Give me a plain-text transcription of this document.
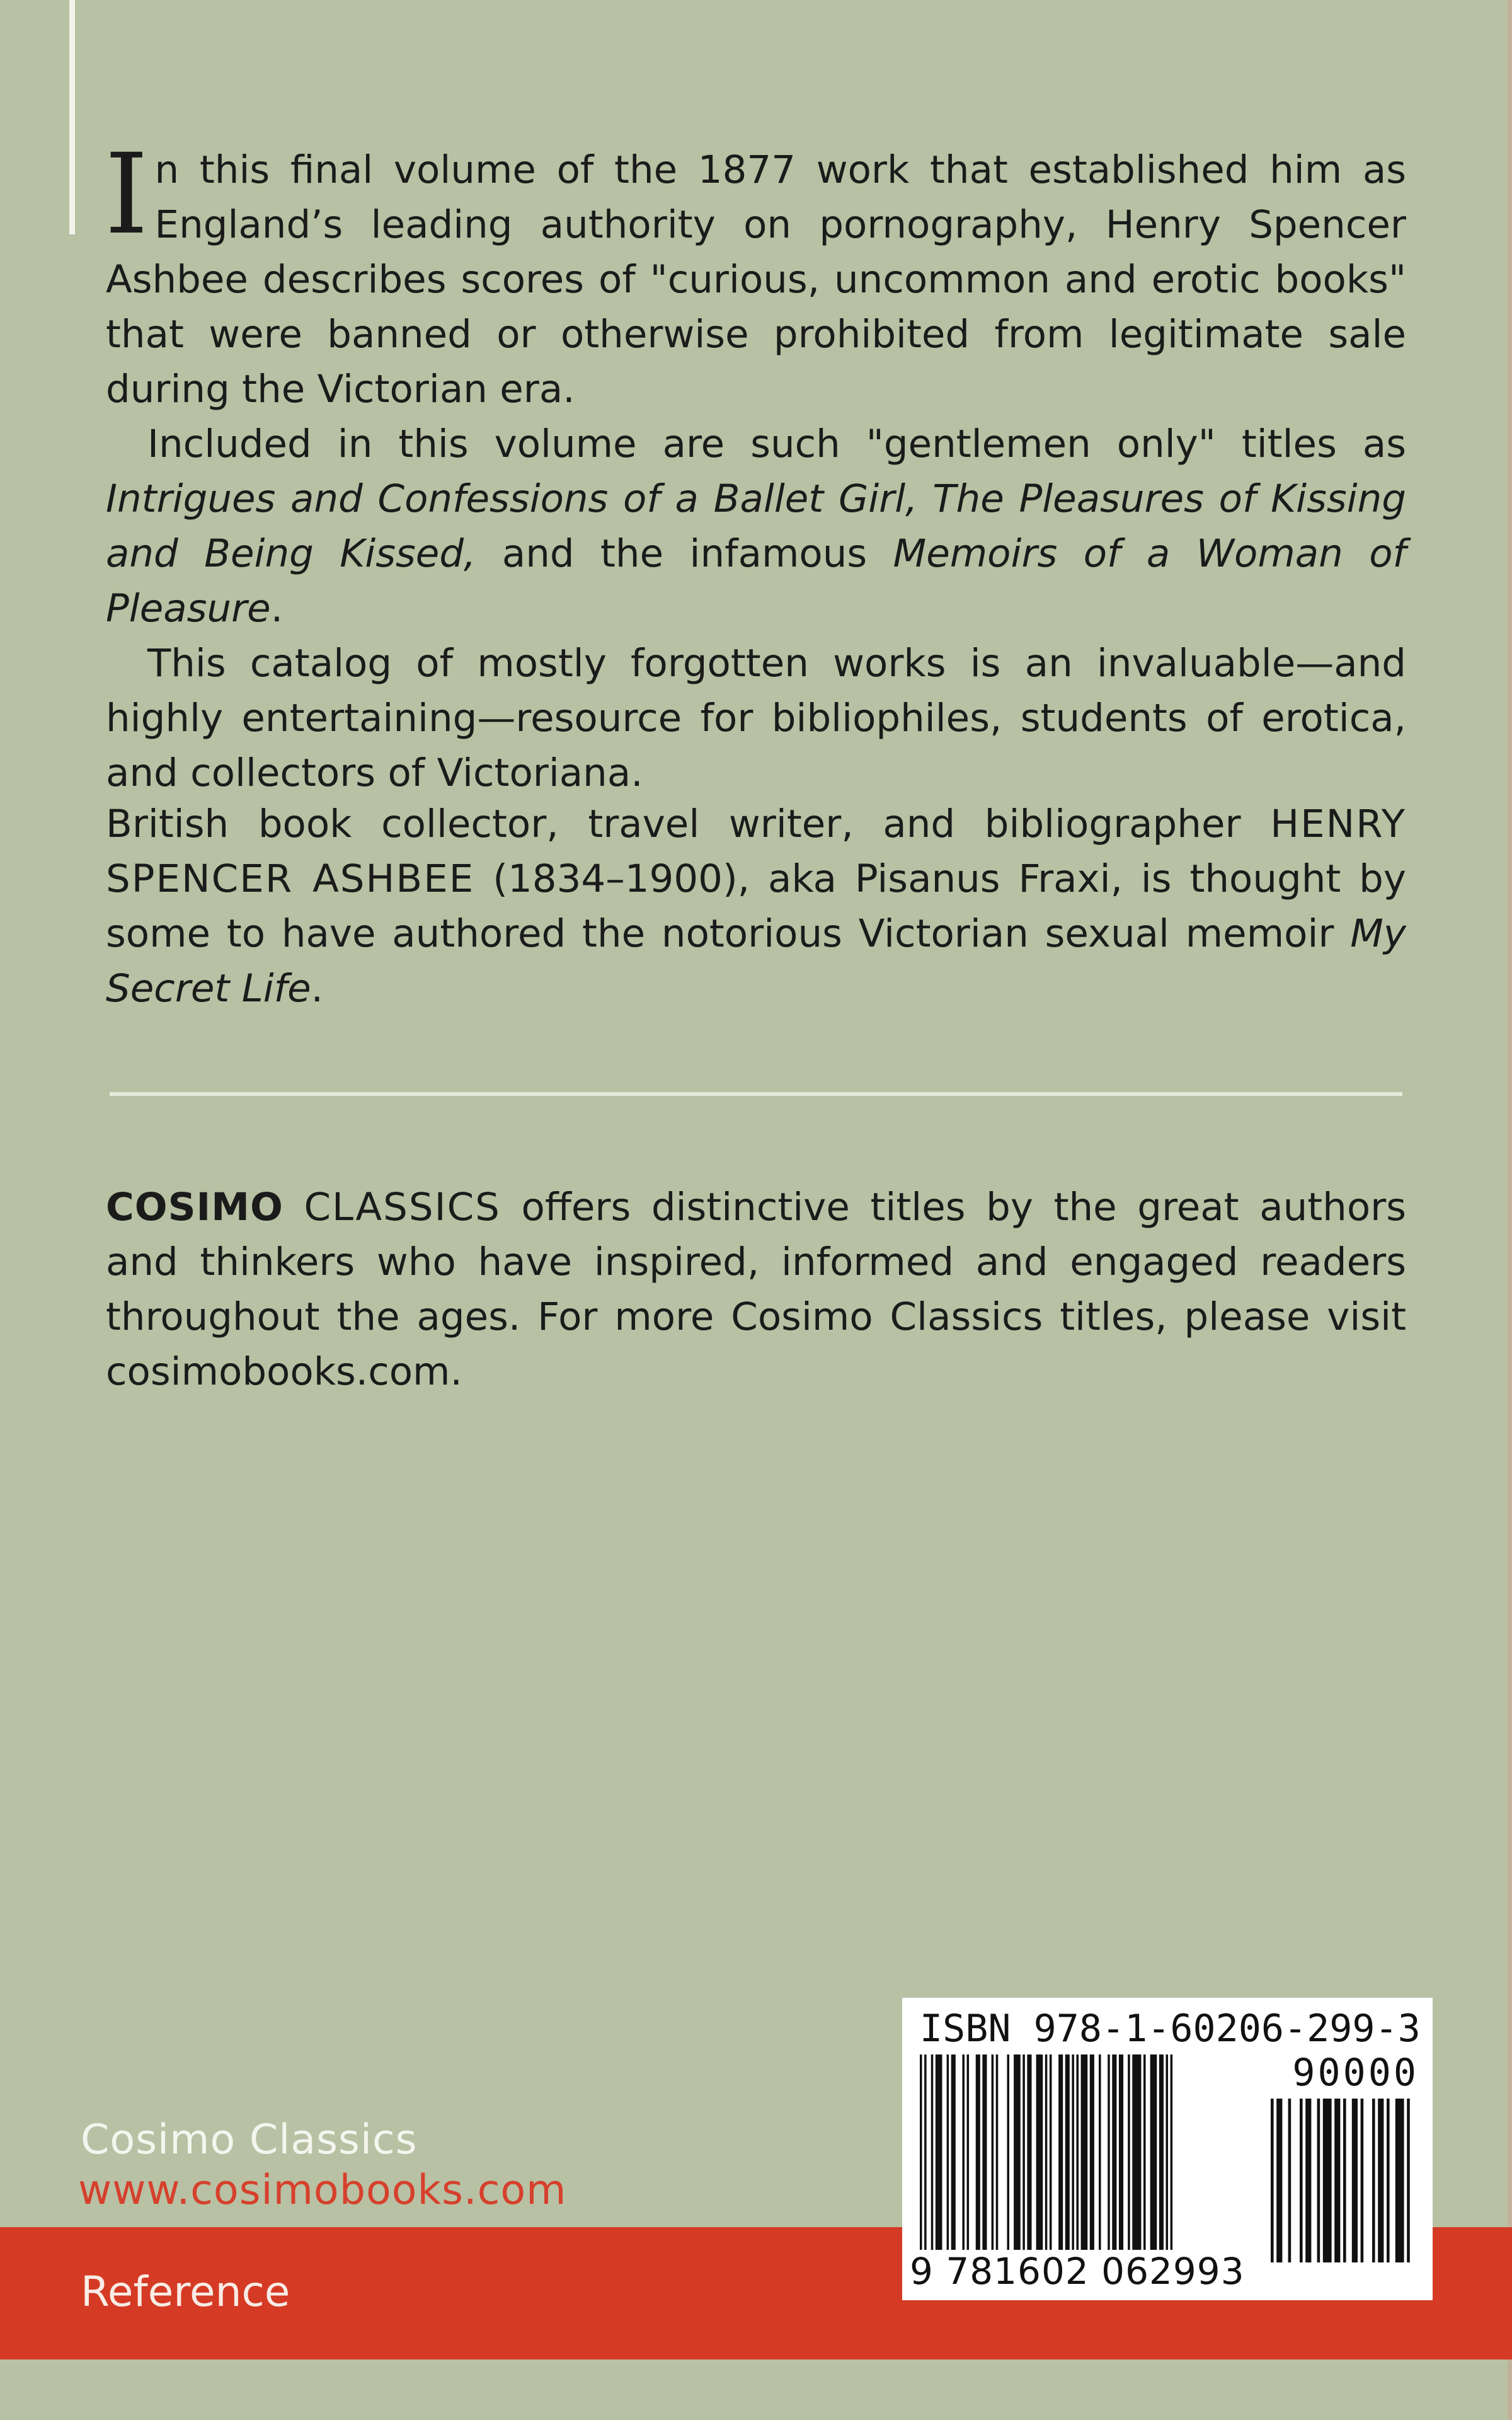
In this final volume of the 1877 work that established him as England’s leading authority on pornography, Henry Spencer Ashbee describes scores of "curious, uncommon and erotic books" that were banned or otherwise prohibited from legitimate sale during the Victorian era.

Included in this volume are such "gentlemen only" titles as Intrigues and Confessions of a Ballet Girl, The Pleasures of Kissing and Being Kissed, and the infamous Memoirs of a Woman of Pleasure.

This catalog of mostly forgotten works is an invaluable—and highly entertaining—resource for bibliophiles, students of erotica, and collectors of Victoriana.

British book collector, travel writer, and bibliographer HENRY SPENCER ASHBEE (1834–1900), aka Pisanus Fraxi, is thought by some to have authored the notorious Victorian sexual memoir My Secret Life.

COSIMO CLASSICS offers distinctive titles by the great authors and thinkers who have inspired, informed and engaged readers throughout the ages. For more Cosimo Classics titles, please visit cosimobooks.com.

Cosimo Classics
www.cosimobooks.com
Reference
ISBN 978-1-60206-299-3
90000
9 781602 062993
